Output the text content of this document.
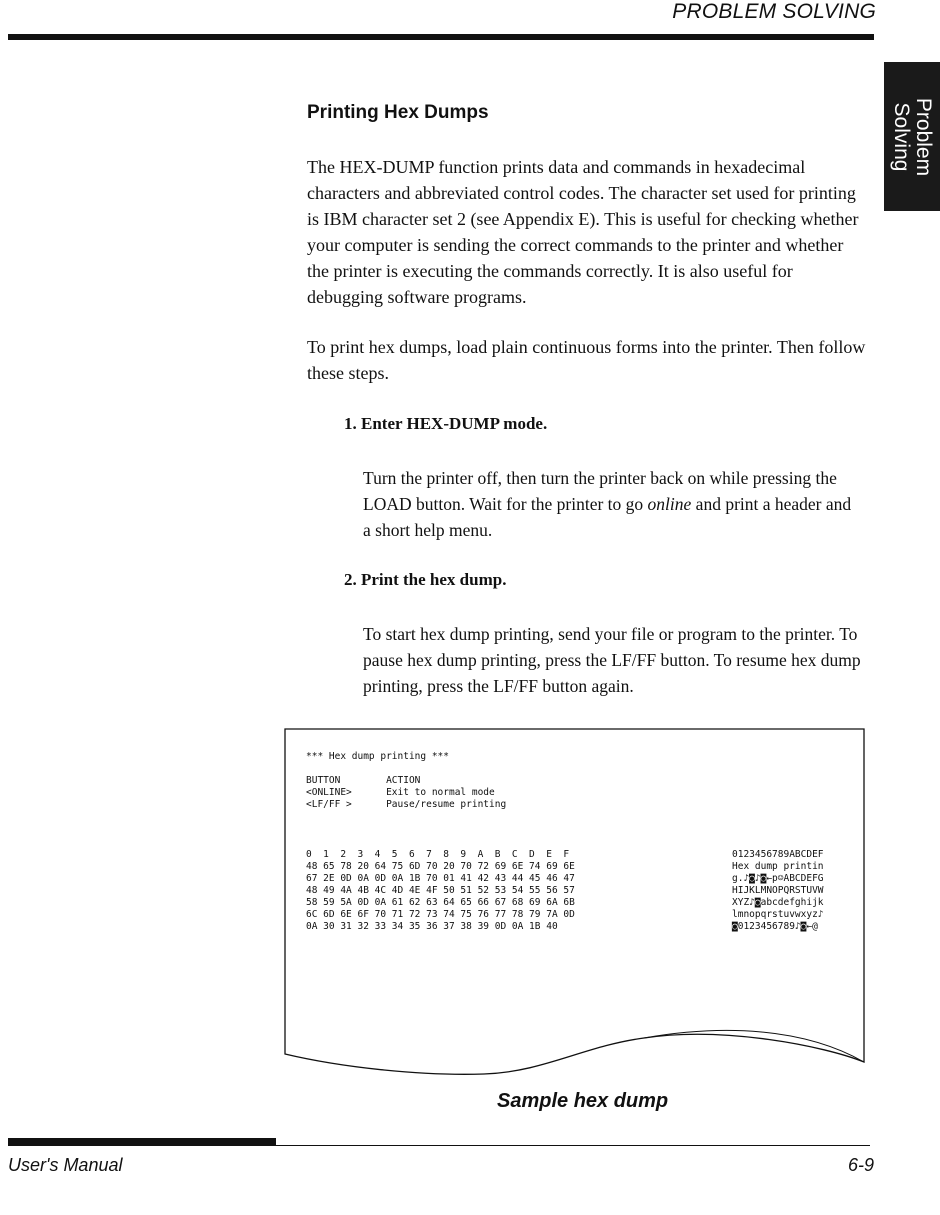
PROBLEM SOLVING
Problem
Solving
Printing Hex Dumps

The HEX-DUMP function prints data and commands in hexadecimal characters and abbreviated control codes. The character set used for printing is IBM character set 2 (see Appendix E). This is useful for checking whether your computer is sending the correct commands to the printer and whether the printer is executing the commands correctly. It is also useful for debugging software programs.

To print hex dumps, load plain continuous forms into the printer. Then follow these steps.

1. Enter HEX-DUMP mode.

Turn the printer off, then turn the printer back on while pressing the LOAD button. Wait for the printer to go online and print a header and a short help menu.

2. Print the hex dump.

To start hex dump printing, send your file or program to the printer. To pause hex dump printing, press the LF/FF button. To resume hex dump printing, press the LF/FF button again.

*** Hex dump printing ***
BUTTON        ACTION
<ONLINE>      Exit to normal mode
<LF/FF >      Pause/resume printing
0  1  2  3  4  5  6  7  8  9  A  B  C  D  E  F
48 65 78 20 64 75 6D 70 20 70 72 69 6E 74 69 6E
67 2E 0D 0A 0D 0A 1B 70 01 41 42 43 44 45 46 47
48 49 4A 4B 4C 4D 4E 4F 50 51 52 53 54 55 56 57
58 59 5A 0D 0A 61 62 63 64 65 66 67 68 69 6A 6B
6C 6D 6E 6F 70 71 72 73 74 75 76 77 78 79 7A 0D
0A 30 31 32 33 34 35 36 37 38 39 0D 0A 1B 40
0123456789ABCDEF
Hex dump printin
g.♪◙♪◙←p☺ABCDEFG
HIJKLMNOPQRSTUVW
XYZ♪◙abcdefghijk
lmnopqrstuvwxyz♪
◙0123456789♪◙←@
Sample hex dump
User's Manual	6-9
